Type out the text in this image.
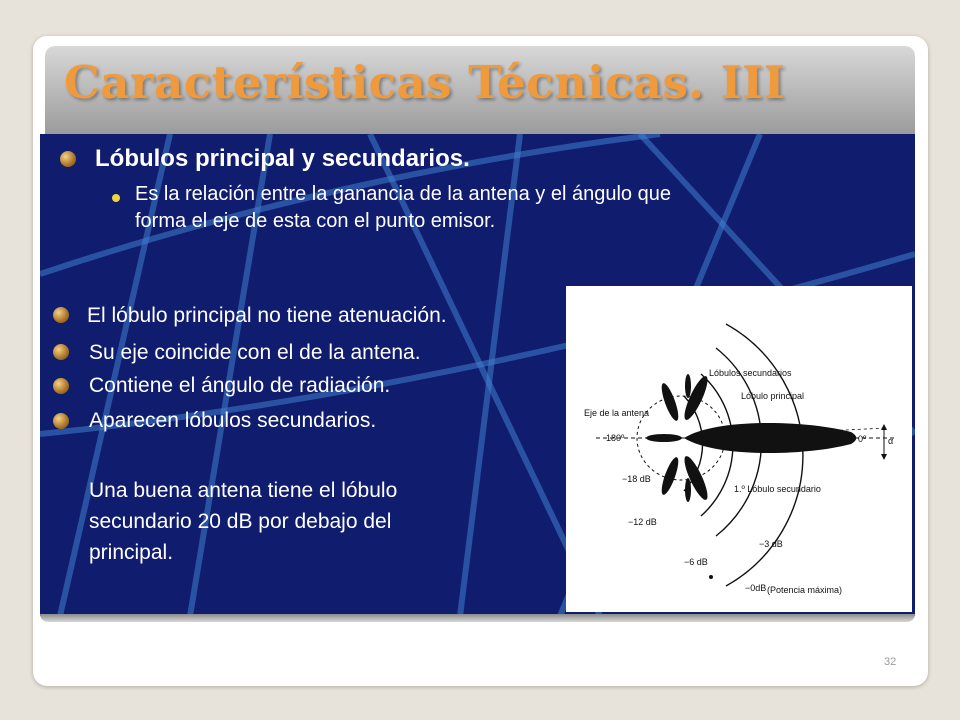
Características Técnicas. III
Lóbulos principal y secundarios.
Es la relación entre la ganancia de la antena y el ángulo que
forma el eje de esta con el punto emisor.
El lóbulo principal no tiene atenuación.
Su eje coincide con el de la antena.
Contiene el ángulo de radiación.
Aparecen lóbulos secundarios.
Una buena antena tiene el lóbulo
secundario 20 dB por debajo del
principal.
Lóbulos secundarios
Lóbulo principal
Eje de la antena
180º	0º α
−18 dB
1.º Lóbulo secundario
−12 dB
−3 dB
−6 dB
−0dB (Potencia máxima)
32
